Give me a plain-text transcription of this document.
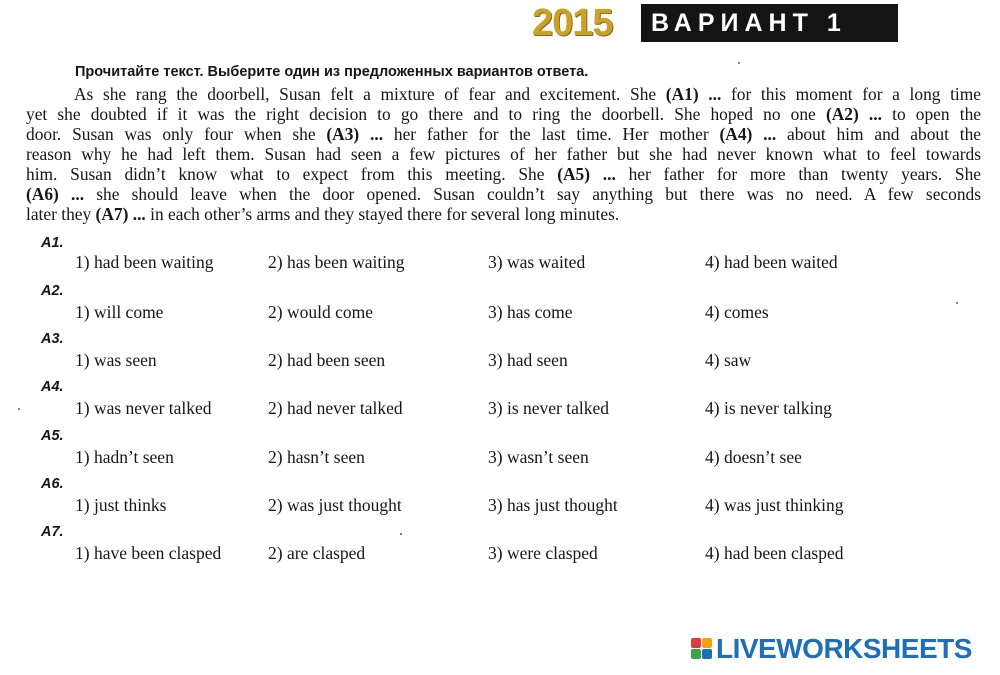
2015	ВАРИАНТ 1
Прочитайте текст. Выберите один из предложенных вариантов ответа.
As she rang the doorbell, Susan felt a mixture of fear and excitement. She (A1) ... for this moment for a long time
yet she doubted if it was the right decision to go there and to ring the doorbell. She hoped no one (A2) ... to open the
door. Susan was only four when she (A3) ... her father for the last time. Her mother (A4) ... about him and about the
reason why he had left them. Susan had seen a few pictures of her father but she had never known what to feel towards
him. Susan didn’t know what to expect from this meeting. She (A5) ... her father for more than twenty years. She
(A6) ... she should leave when the door opened. Susan couldn’t say anything but there was no need. A few seconds
later they (A7) ... in each other’s arms and they stayed there for several long minutes.
A1.
1) had been waiting	2) has been waiting	3) was waited	4) had been waited
A2.
1) will come	2) would come	3) has come	4) comes
A3.
1) was seen	2) had been seen	3) had seen	4) saw
A4.
1) was never talked	2) had never talked	3) is never talked	4) is never talking
A5.
1) hadn’t seen	2) hasn’t seen	3) wasn’t seen	4) doesn’t see
A6.
1) just thinks	2) was just thought	3) has just thought	4) was just thinking
A7.
1) have been clasped	2) are clasped	3) were clasped	4) had been clasped
LIVEWORKSHEETS
